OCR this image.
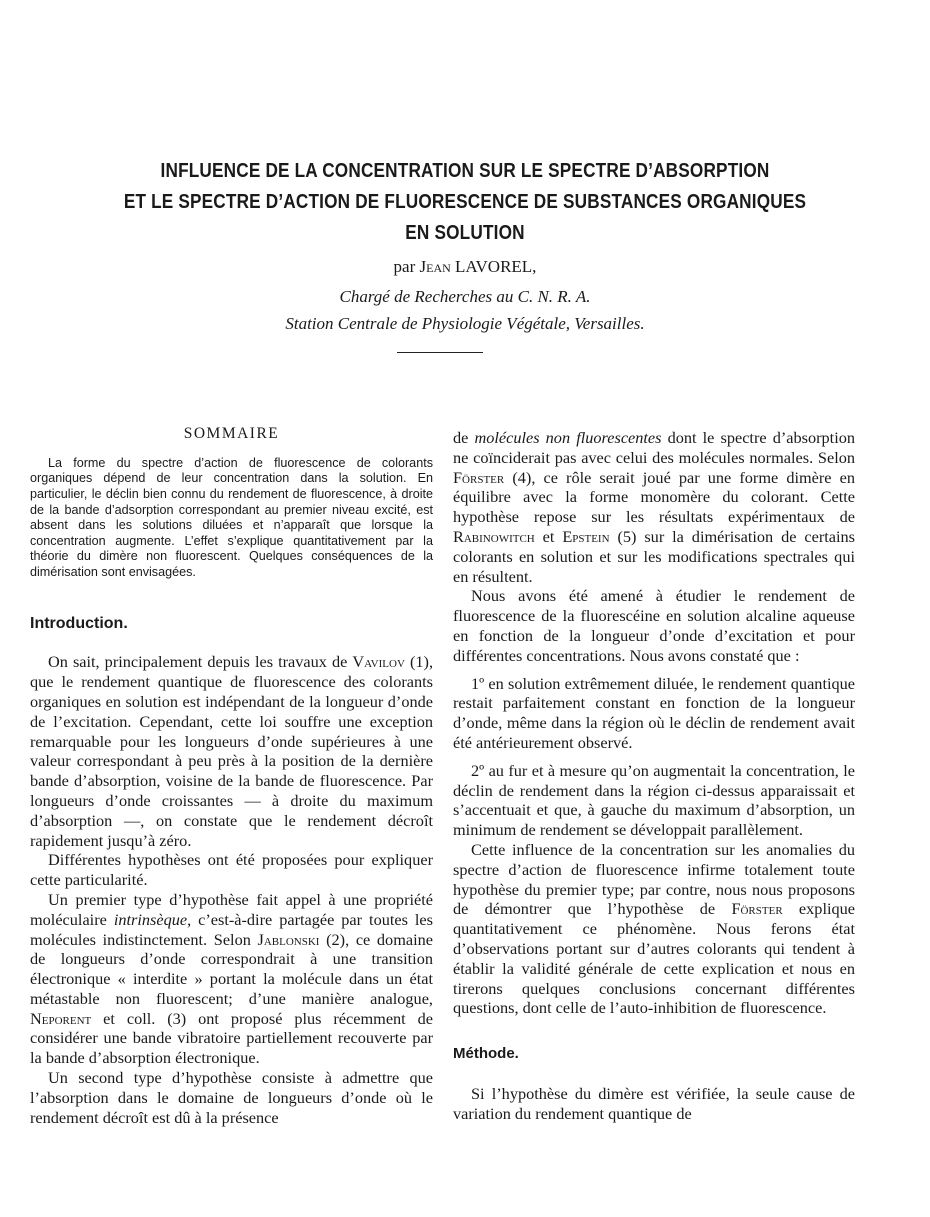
INFLUENCE DE LA CONCENTRATION SUR LE SPECTRE D’ABSORPTION
ET LE SPECTRE D’ACTION DE FLUORESCENCE DE SUBSTANCES ORGANIQUES
EN SOLUTION
par Jean LAVOREL,
Chargé de Recherches au C. N. R. A.
Station Centrale de Physiologie Végétale, Versailles.
SOMMAIRE

La forme du spectre d’action de fluorescence de colorants organiques dépend de leur concentration dans la solution. En particulier, le déclin bien connu du rendement de fluorescence, à droite de la bande d’adsorption correspondant au premier niveau excité, est absent dans les solutions diluées et n’apparaît que lorsque la concentration augmente. L’effet s’explique quantitativement par la théorie du dimère non fluorescent. Quelques conséquences de la dimérisation sont envisagées.

Introduction.

On sait, principalement depuis les travaux de Vavilov (1), que le rendement quantique de fluorescence des colorants organiques en solution est indépendant de la longueur d’onde de l’excitation. Cependant, cette loi souffre une exception remarquable pour les longueurs d’onde supérieures à une valeur correspondant à peu près à la position de la dernière bande d’absorption, voisine de la bande de fluorescence. Par longueurs d’onde croissantes — à droite du maximum d’absorption —, on constate que le rendement décroît rapidement jusqu’à zéro.

Différentes hypothèses ont été proposées pour expliquer cette particularité.

Un premier type d’hypothèse fait appel à une propriété moléculaire intrinsèque, c’est-à-dire partagée par toutes les molécules indistinctement. Selon Jablonski (2), ce domaine de longueurs d’onde correspondrait à une transition électronique « interdite » portant la molécule dans un état métastable non fluorescent; d’une manière analogue, Neporent et coll. (3) ont proposé plus récemment de considérer une bande vibratoire partiellement recouverte par la bande d’absorption électronique.

Un second type d’hypothèse consiste à admettre que l’absorption dans le domaine de longueurs d’onde où le rendement décroît est dû à la présence

de molécules non fluorescentes dont le spectre d’absorption ne coïnciderait pas avec celui des molécules normales. Selon Förster (4), ce rôle serait joué par une forme dimère en équilibre avec la forme monomère du colorant. Cette hypothèse repose sur les résultats expérimentaux de Rabinowitch et Epstein (5) sur la dimérisation de certains colorants en solution et sur les modifications spectrales qui en résultent.

Nous avons été amené à étudier le rendement de fluorescence de la fluorescéine en solution alcaline aqueuse en fonction de la longueur d’onde d’excitation et pour différentes concentrations. Nous avons constaté que :

1º en solution extrêmement diluée, le rendement quantique restait parfaitement constant en fonction de la longueur d’onde, même dans la région où le déclin de rendement avait été antérieurement observé.

2º au fur et à mesure qu’on augmentait la concentration, le déclin de rendement dans la région ci-dessus apparaissait et s’accentuait et que, à gauche du maximum d’absorption, un minimum de rendement se développait parallèlement.

Cette influence de la concentration sur les anomalies du spectre d’action de fluorescence infirme totalement toute hypothèse du premier type; par contre, nous nous proposons de démontrer que l’hypothèse de Förster explique quantitativement ce phénomène. Nous ferons état d’observations portant sur d’autres colorants qui tendent à établir la validité générale de cette explication et nous en tirerons quelques conclusions concernant différentes questions, dont celle de l’auto-inhibition de fluorescence.

Méthode.

Si l’hypothèse du dimère est vérifiée, la seule cause de variation du rendement quantique de
